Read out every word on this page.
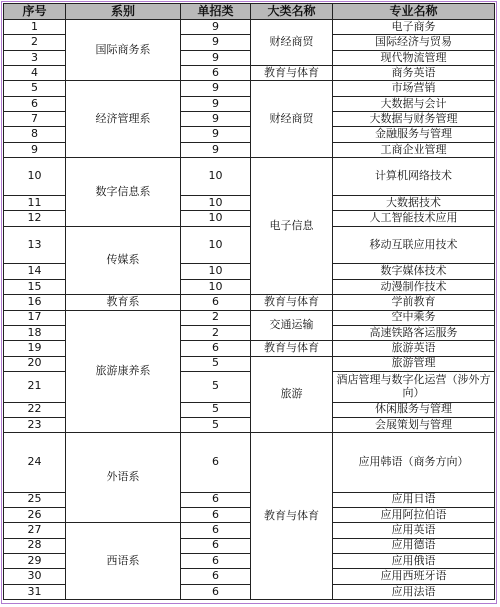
序号	系别	单招类	大类名称	专业名称
1	国际商务系	9	财经商贸	电子商务
2		9		国际经济与贸易
3		9		现代物流管理
4		6	教育与体育	商务英语
5	经济管理系	9	财经商贸	市场营销
6		9		大数据与会计
7		9		大数据与财务管理
8		9		金融服务与管理
9		9		工商企业管理
10	数字信息系	10	电子信息	计算机网络技术
11		10		大数据技术
12		10		人工智能技术应用
13	传媒系	10		移动互联应用技术
14		10		数字媒体技术
15		10		动漫制作技术
16	教育系	6	教育与体育	学前教育
17	旅游康养系	2	交通运输	空中乘务
18		2		高速铁路客运服务
19		6	教育与体育	旅游英语
20		5	旅游	旅游管理
21		5		酒店管理与数字化运营（涉外方向）
22		5		休闲服务与管理
23		5		会展策划与管理
24	外语系	6	教育与体育	应用韩语（商务方向）
25		6		应用日语
26		6		应用阿拉伯语
27	西语系	6		应用英语
28		6		应用德语
29		6		应用俄语
30		6		应用西班牙语
31		6		应用法语
